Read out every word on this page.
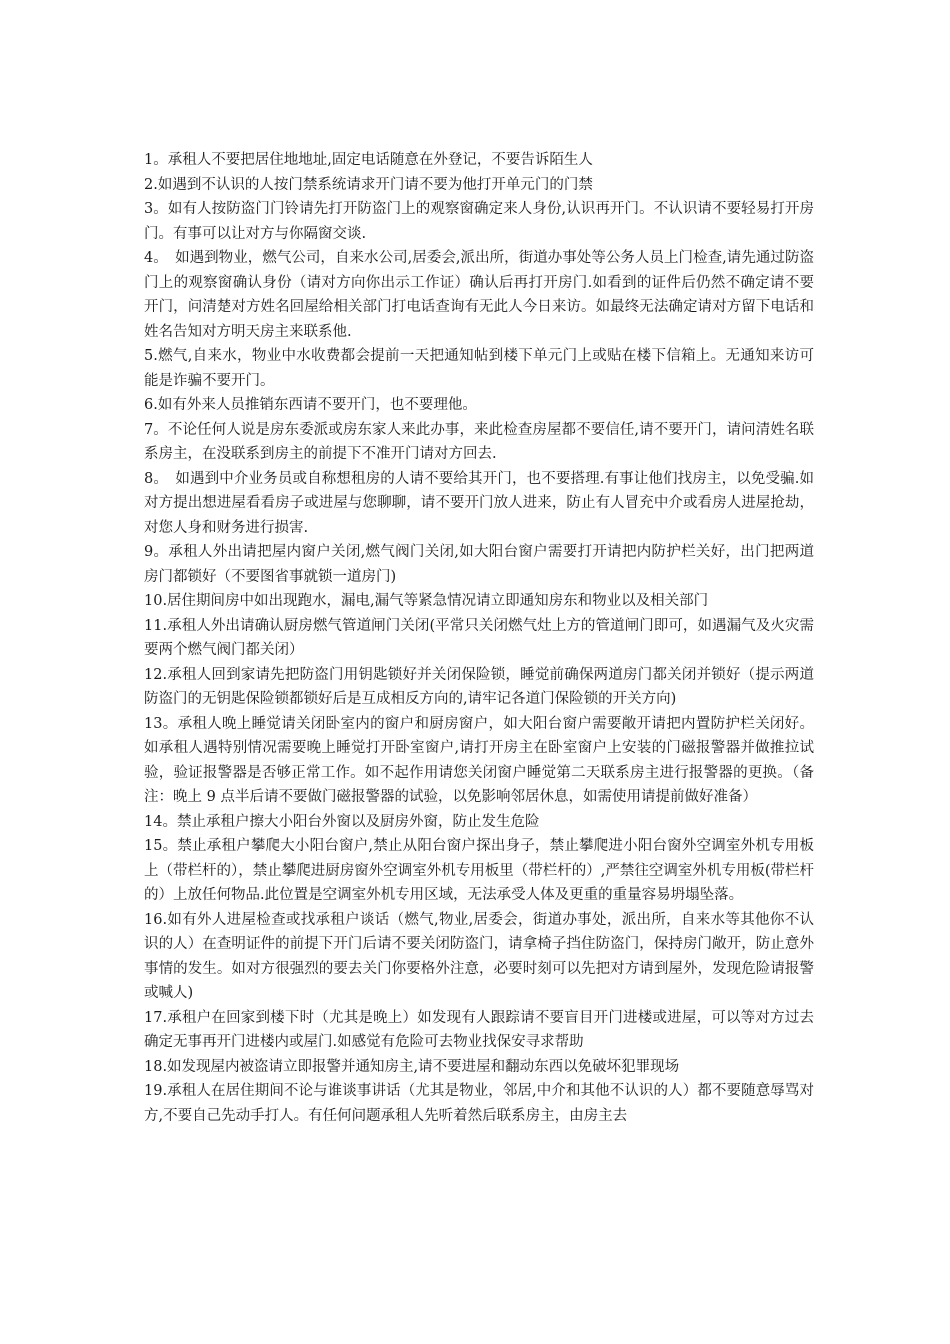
1。承租人不要把居住地地址,固定电话随意在外登记，不要告诉陌生人

2.如遇到不认识的人按门禁系统请求开门请不要为他打开单元门的门禁

3。如有人按防盗门门铃请先打开防盗门上的观察窗确定来人身份,认识再开门。不认识请不要轻易打开房门。有事可以让对方与你隔窗交谈.

4。　如遇到物业，燃气公司，自来水公司,居委会,派出所，街道办事处等公务人员上门检查,请先通过防盗门上的观察窗确认身份（请对方向你出示工作证）确认后再打开房门.如看到的证件后仍然不确定请不要开门，问清楚对方姓名回屋给相关部门打电话查询有无此人今日来访。如最终无法确定请对方留下电话和姓名告知对方明天房主来联系他.

5.燃气,自来水，物业中水收费都会提前一天把通知帖到楼下单元门上或贴在楼下信箱上。无通知来访可能是诈骗不要开门。

6.如有外来人员推销东西请不要开门，也不要理他。

7。不论任何人说是房东委派或房东家人来此办事，来此检查房屋都不要信任,请不要开门，请问清姓名联系房主，在没联系到房主的前提下不准开门请对方回去.

8。　如遇到中介业务员或自称想租房的人请不要给其开门，也不要搭理.有事让他们找房主，以免受骗.如对方提出想进屋看看房子或进屋与您聊聊，请不要开门放人进来，防止有人冒充中介或看房人进屋抢劫，对您人身和财务进行损害.

9。承租人外出请把屋内窗户关闭,燃气阀门关闭,如大阳台窗户需要打开请把内防护栏关好，出门把两道房门都锁好（不要图省事就锁一道房门)

10.居住期间房中如出现跑水，漏电,漏气等紧急情况请立即通知房东和物业以及相关部门

11.承租人外出请确认厨房燃气管道闸门关闭(平常只关闭燃气灶上方的管道闸门即可，如遇漏气及火灾需要两个燃气阀门都关闭）

12.承租人回到家请先把防盗门用钥匙锁好并关闭保险锁，睡觉前确保两道房门都关闭并锁好（提示两道防盗门的无钥匙保险锁都锁好后是互成相反方向的,请牢记各道门保险锁的开关方向)

13。承租人晚上睡觉请关闭卧室内的窗户和厨房窗户，如大阳台窗户需要敞开请把内置防护栏关闭好。如承租人遇特别情况需要晚上睡觉打开卧室窗户,请打开房主在卧室窗户上安装的门磁报警器并做推拉试验，验证报警器是否够正常工作。如不起作用请您关闭窗户睡觉第二天联系房主进行报警器的更换。（备注：晚上 9 点半后请不要做门磁报警器的试验，以免影响邻居休息，如需使用请提前做好准备）

14。禁止承租户擦大小阳台外窗以及厨房外窗，防止发生危险

15。禁止承租户攀爬大小阳台窗户,禁止从阳台窗户探出身子，禁止攀爬进小阳台窗外空调室外机专用板上（带栏杆的），禁止攀爬进厨房窗外空调室外机专用板里（带栏杆的）,严禁往空调室外机专用板(带栏杆的）上放任何物品.此位置是空调室外机专用区域，无法承受人体及更重的重量容易坍塌坠落。

16.如有外人进屋检查或找承租户谈话（燃气,物业,居委会，街道办事处，派出所，自来水等其他你不认识的人）在查明证件的前提下开门后请不要关闭防盗门，请拿椅子挡住防盗门，保持房门敞开，防止意外事情的发生。如对方很强烈的要去关门你要格外注意，必要时刻可以先把对方请到屋外，发现危险请报警或喊人)

17.承租户在回家到楼下时（尤其是晚上）如发现有人跟踪请不要盲目开门进楼或进屋，可以等对方过去确定无事再开门进楼内或屋门.如感觉有危险可去物业找保安寻求帮助

18.如发现屋内被盗请立即报警并通知房主,请不要进屋和翻动东西以免破坏犯罪现场

19.承租人在居住期间不论与谁谈事讲话（尤其是物业，邻居,中介和其他不认识的人）都不要随意辱骂对方,不要自己先动手打人。有任何问题承租人先听着然后联系房主，由房主去
